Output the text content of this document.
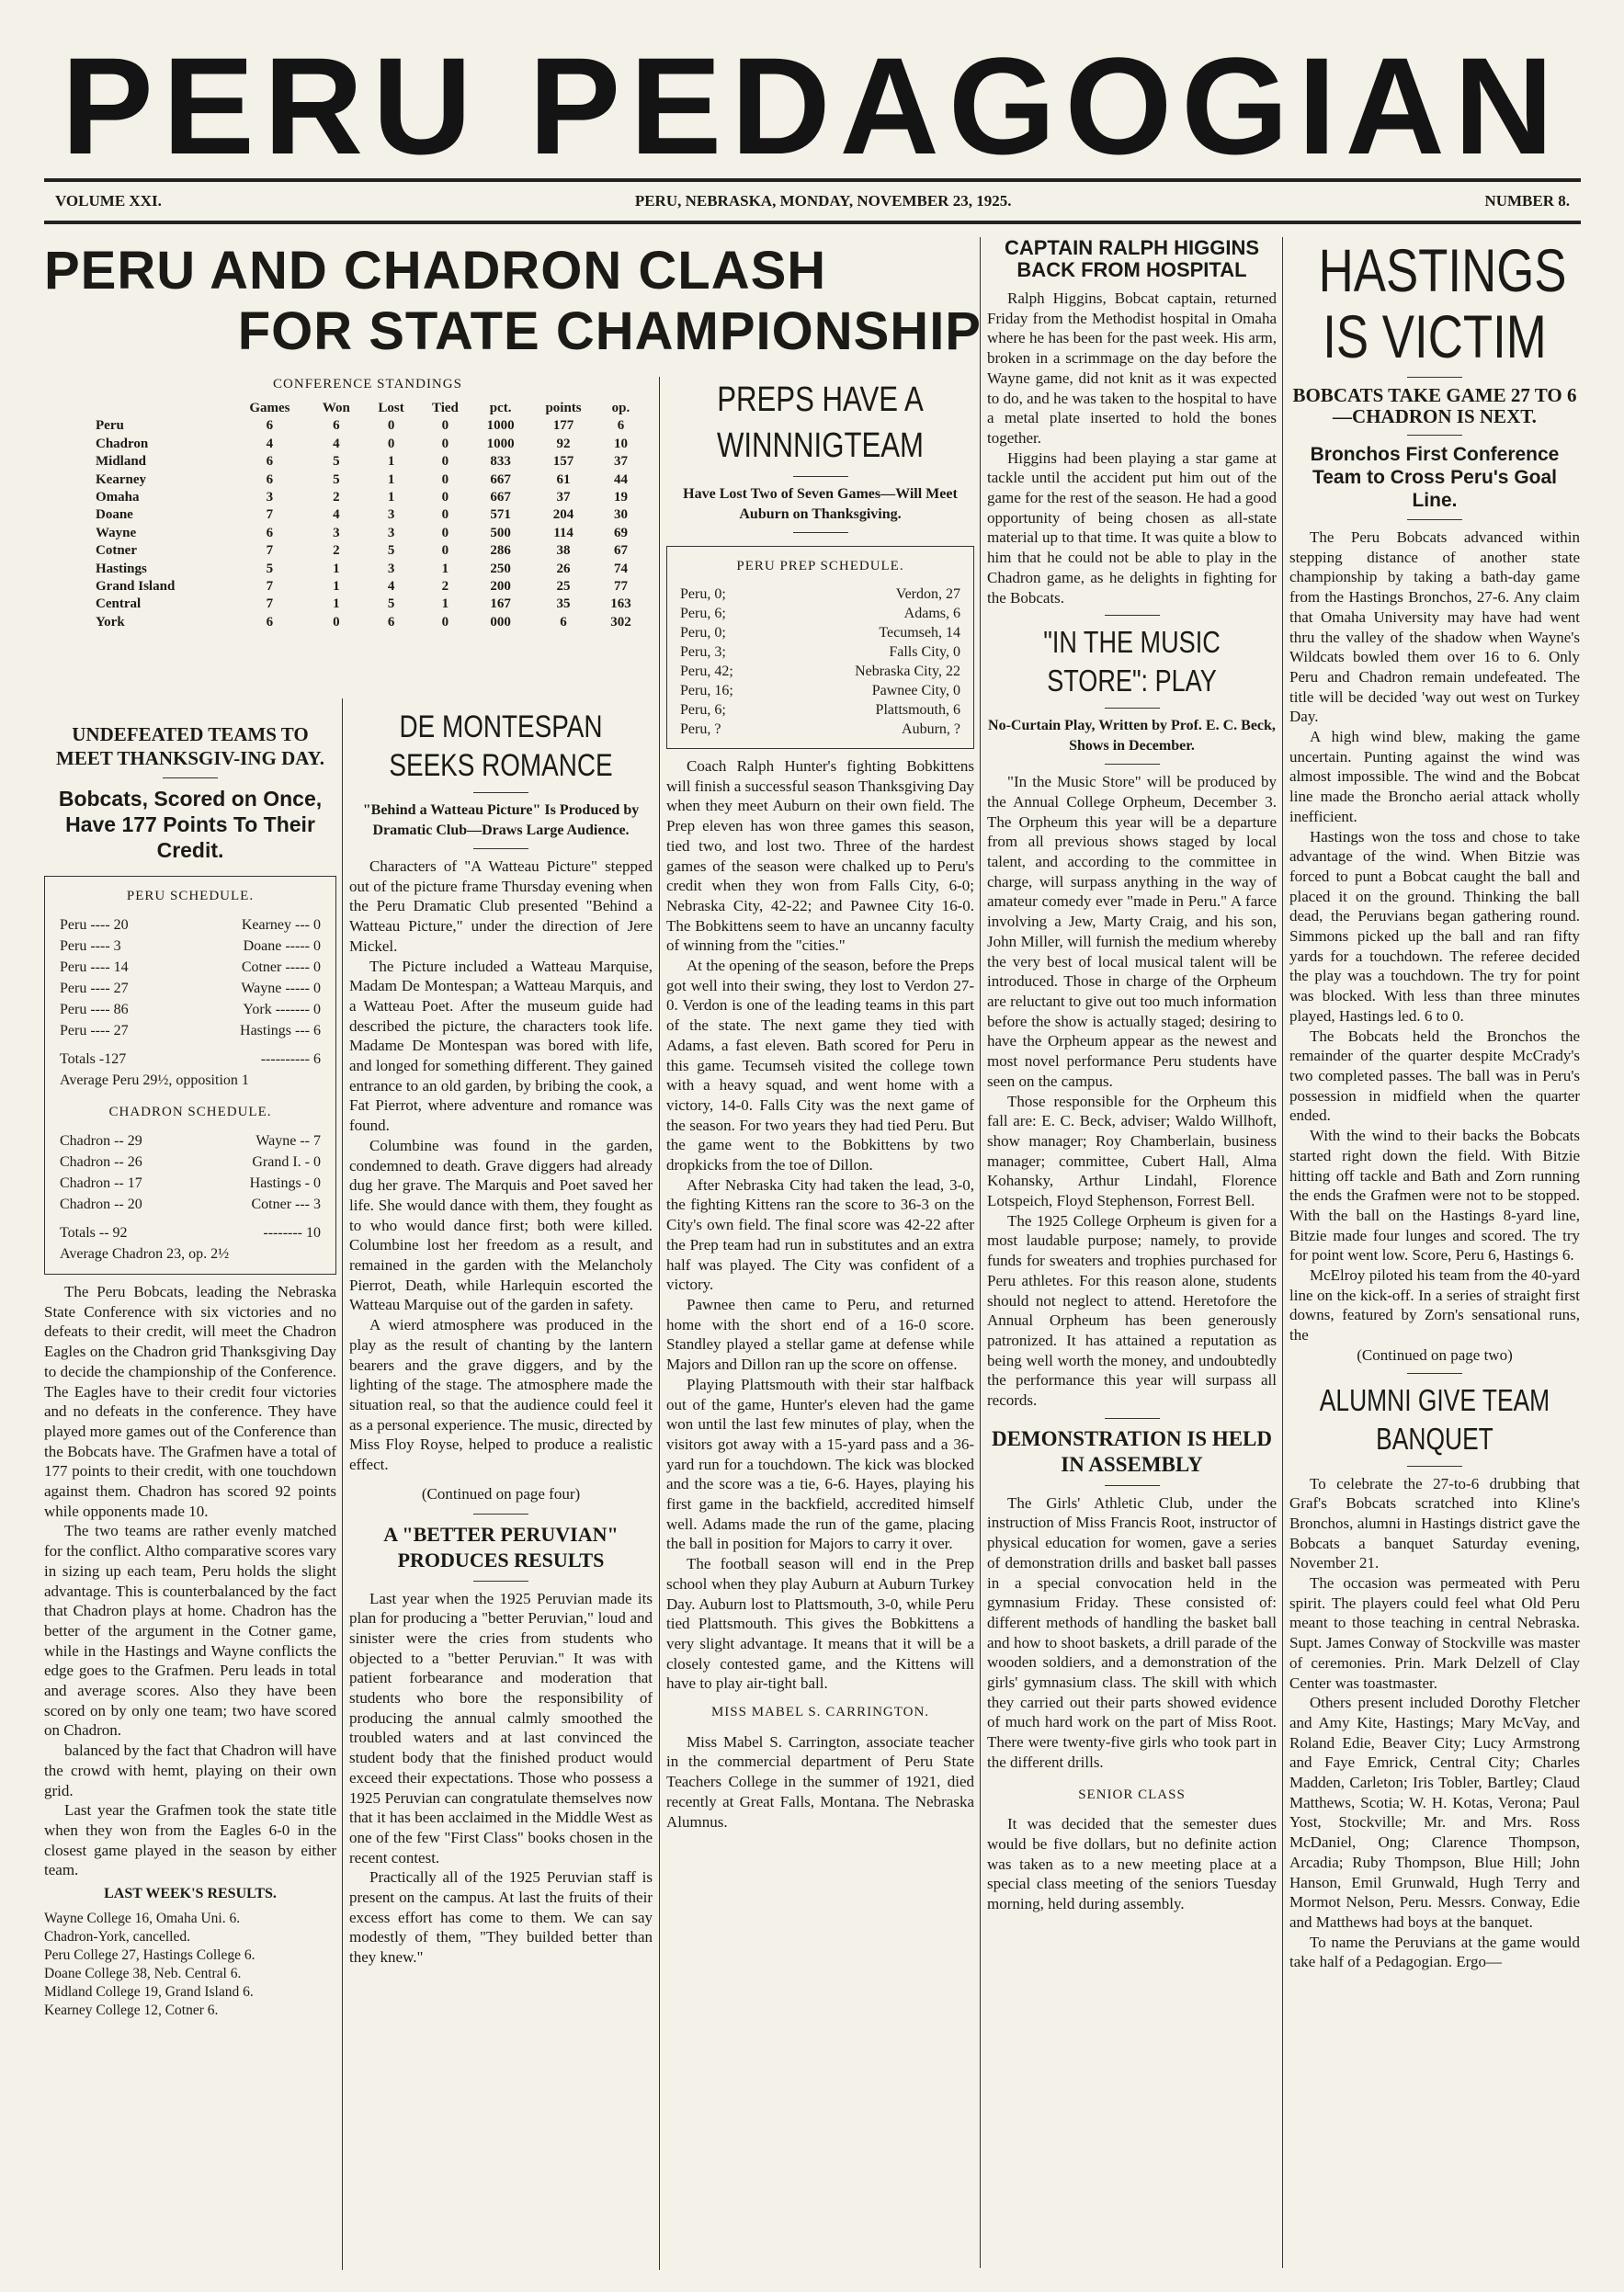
PERU PEDAGOGIAN
VOLUME XXI.	PERU, NEBRASKA, MONDAY, NOVEMBER 23, 1925.	NUMBER 8.
PERU AND CHADRON CLASH
FOR STATE CHAMPIONSHIP
CONFERENCE STANDINGS
	Games	Won	Lost	Tied	pct.	points	op.
Peru	6	6	0	0	1000	177	6
Chadron	4	4	0	0	1000	92	10
Midland	6	5	1	0	833	157	37
Kearney	6	5	1	0	667	61	44
Omaha	3	2	1	0	667	37	19
Doane	7	4	3	0	571	204	30
Wayne	6	3	3	0	500	114	69
Cotner	7	2	5	0	286	38	67
Hastings	5	1	3	1	250	26	74
Grand Island	7	1	4	2	200	25	77
Central	7	1	5	1	167	35	163
York	6	0	6	0	000	6	302
UNDEFEATED TEAMS TO MEET THANKSGIV-ING DAY.
Bobcats, Scored on Once, Have 177 Points To Their Credit.
PERU SCHEDULE.
Peru ---- 20	Kearney --- 0
Peru ---- 3	Doane ----- 0
Peru ---- 14	Cotner ----- 0
Peru ---- 27	Wayne ----- 0
Peru ---- 86	York ------- 0
Peru ---- 27	Hastings --- 6
Totals -127	---------- 6
Average Peru 29½, opposition 1
CHADRON SCHEDULE.
Chadron -- 29	Wayne -- 7
Chadron -- 26	Grand I. - 0
Chadron -- 17	Hastings - 0
Chadron -- 20	Cotner --- 3
Totals -- 92	-------- 10
Average Chadron 23, op. 2½

The Peru Bobcats, leading the Nebraska State Conference with six victories and no defeats to their credit, will meet the Chadron Eagles on the Chadron grid Thanksgiving Day to decide the championship of the Conference. The Eagles have to their credit four victories and no defeats in the conference. They have played more games out of the Conference than the Bobcats have. The Grafmen have a total of 177 points to their credit, with one touchdown against them. Chadron has scored 92 points while opponents made 10.

The two teams are rather evenly matched for the conflict. Altho comparative scores vary in sizing up each team, Peru holds the slight advantage. This is counterbalanced by the fact that Chadron plays at home. Chadron has the better of the argument in the Cotner game, while in the Hastings and Wayne conflicts the edge goes to the Grafmen. Peru leads in total and average scores. Also they have been scored on by only one team; two have scored on Chadron.

balanced by the fact that Chadron will have the crowd with hemt, playing on their own grid.

Last year the Grafmen took the state title when they won from the Eagles 6-0 in the closest game played in the season by either team.

LAST WEEK'S RESULTS.
Wayne College 16, Omaha Uni. 6.
Chadron-York, cancelled.
Peru College 27, Hastings College 6.
Doane College 38, Neb. Central 6.
Midland College 19, Grand Island 6.
Kearney College 12, Cotner 6.
DE MONTESPAN SEEKS ROMANCE
"Behind a Watteau Picture" Is Produced by Dramatic Club—Draws Large Audience.

Characters of "A Watteau Picture" stepped out of the picture frame Thursday evening when the Peru Dramatic Club presented "Behind a Watteau Picture," under the direction of Jere Mickel.

The Picture included a Watteau Marquise, Madam De Montespan; a Watteau Marquis, and a Watteau Poet. After the museum guide had described the picture, the characters took life. Madame De Montespan was bored with life, and longed for something different. They gained entrance to an old garden, by bribing the cook, a Fat Pierrot, where adventure and romance was found.

Columbine was found in the garden, condemned to death. Grave diggers had already dug her grave. The Marquis and Poet saved her life. She would dance with them, they fought as to who would dance first; both were killed. Columbine lost her freedom as a result, and remained in the garden with the Melancholy Pierrot, Death, while Harlequin escorted the Watteau Marquise out of the garden in safety.

A wierd atmosphere was produced in the play as the result of chanting by the lantern bearers and the grave diggers, and by the lighting of the stage. The atmosphere made the situation real, so that the audience could feel it as a personal experience. The music, directed by Miss Floy Royse, helped to produce a realistic effect.

(Continued on page four)
A "BETTER PERUVIAN" PRODUCES RESULTS

Last year when the 1925 Peruvian made its plan for producing a "better Peruvian," loud and sinister were the cries from students who objected to a "better Peruvian." It was with patient forbearance and moderation that students who bore the responsibility of producing the annual calmly smoothed the troubled waters and at last convinced the student body that the finished product would exceed their expectations. Those who possess a 1925 Peruvian can congratulate themselves now that it has been acclaimed in the Middle West as one of the few "First Class" books chosen in the recent contest.

Practically all of the 1925 Peruvian staff is present on the campus. At last the fruits of their excess effort has come to them. We can say modestly of them, "They builded better than they knew."

PREPS HAVE A WINNNIGTEAM
Have Lost Two of Seven Games—Will Meet Auburn on Thanksgiving.
PERU PREP SCHEDULE.
Peru, 0;	Verdon, 27
Peru, 6;	Adams, 6
Peru, 0;	Tecumseh, 14
Peru, 3;	Falls City, 0
Peru, 42;	Nebraska City, 22
Peru, 16;	Pawnee City, 0
Peru, 6;	Plattsmouth, 6
Peru, ?	Auburn, ?

Coach Ralph Hunter's fighting Bobkittens will finish a successful season Thanksgiving Day when they meet Auburn on their own field. The Prep eleven has won three games this season, tied two, and lost two. Three of the hardest games of the season were chalked up to Peru's credit when they won from Falls City, 6-0; Nebraska City, 42-22; and Pawnee City 16-0. The Bobkittens seem to have an uncanny faculty of winning from the "cities."

At the opening of the season, before the Preps got well into their swing, they lost to Verdon 27-0. Verdon is one of the leading teams in this part of the state. The next game they tied with Adams, a fast eleven. Bath scored for Peru in this game. Tecumseh visited the college town with a heavy squad, and went home with a victory, 14-0. Falls City was the next game of the season. For two years they had tied Peru. But the game went to the Bobkittens by two dropkicks from the toe of Dillon.

After Nebraska City had taken the lead, 3-0, the fighting Kittens ran the score to 36-3 on the City's own field. The final score was 42-22 after the Prep team had run in substitutes and an extra half was played. The City was confident of a victory.

Pawnee then came to Peru, and returned home with the short end of a 16-0 score. Standley played a stellar game at defense while Majors and Dillon ran up the score on offense.

Playing Plattsmouth with their star halfback out of the game, Hunter's eleven had the game won until the last few minutes of play, when the visitors got away with a 15-yard pass and a 36-yard run for a touchdown. The kick was blocked and the score was a tie, 6-6. Hayes, playing his first game in the backfield, accredited himself well. Adams made the run of the game, placing the ball in position for Majors to carry it over.

The football season will end in the Prep school when they play Auburn at Auburn Turkey Day. Auburn lost to Plattsmouth, 3-0, while Peru tied Plattsmouth. This gives the Bobkittens a very slight advantage. It means that it will be a closely contested game, and the Kittens will have to play air-tight ball.

MISS MABEL S. CARRINGTON.

Miss Mabel S. Carrington, associate teacher in the commercial department of Peru State Teachers College in the summer of 1921, died recently at Great Falls, Montana. The Nebraska Alumnus.

CAPTAIN RALPH HIGGINS BACK FROM HOSPITAL

Ralph Higgins, Bobcat captain, returned Friday from the Methodist hospital in Omaha where he has been for the past week. His arm, broken in a scrimmage on the day before the Wayne game, did not knit as it was expected to do, and he was taken to the hospital to have a metal plate inserted to hold the bones together.

Higgins had been playing a star game at tackle until the accident put him out of the game for the rest of the season. He had a good opportunity of being chosen as all-state material up to that time. It was quite a blow to him that he could not be able to play in the Chadron game, as he delights in fighting for the Bobcats.

"IN THE MUSIC STORE": PLAY
No-Curtain Play, Written by Prof. E. C. Beck, Shows in December.

"In the Music Store" will be produced by the Annual College Orpheum, December 3. The Orpheum this year will be a departure from all previous shows staged by local talent, and according to the committee in charge, will surpass anything in the way of amateur comedy ever "made in Peru." A farce involving a Jew, Marty Craig, and his son, John Miller, will furnish the medium whereby the very best of local musical talent will be introduced. Those in charge of the Orpheum are reluctant to give out too much information before the show is actually staged; desiring to have the Orpheum appear as the newest and most novel performance Peru students have seen on the campus.

Those responsible for the Orpheum this fall are: E. C. Beck, adviser; Waldo Willhoft, show manager; Roy Chamberlain, business manager; committee, Cubert Hall, Alma Kohansky, Arthur Lindahl, Florence Lotspeich, Floyd Stephenson, Forrest Bell.

The 1925 College Orpheum is given for a most laudable purpose; namely, to provide funds for sweaters and trophies purchased for Peru athletes. For this reason alone, students should not neglect to attend. Heretofore the Annual Orpheum has been generously patronized. It has attained a reputation as being well worth the money, and undoubtedly the performance this year will surpass all records.

DEMONSTRATION IS HELD IN ASSEMBLY

The Girls' Athletic Club, under the instruction of Miss Francis Root, instructor of physical education for women, gave a series of demonstration drills and basket ball passes in a special convocation held in the gymnasium Friday. These consisted of: different methods of handling the basket ball and how to shoot baskets, a drill parade of the wooden soldiers, and a demonstration of the girls' gymnasium class. The skill with which they carried out their parts showed evidence of much hard work on the part of Miss Root. There were twenty-five girls who took part in the different drills.

SENIOR CLASS

It was decided that the semester dues would be five dollars, but no definite action was taken as to a new meeting place at a special class meeting of the seniors Tuesday morning, held during assembly.

HASTINGS IS VICTIM
BOBCATS TAKE GAME 27 TO 6—CHADRON IS NEXT.
Bronchos First Conference Team to Cross Peru's Goal Line.

The Peru Bobcats advanced within stepping distance of another state championship by taking a bath-day game from the Hastings Bronchos, 27-6. Any claim that Omaha University may have had went thru the valley of the shadow when Wayne's Wildcats bowled them over 16 to 6. Only Peru and Chadron remain undefeated. The title will be decided 'way out west on Turkey Day.

A high wind blew, making the game uncertain. Punting against the wind was almost impossible. The wind and the Bobcat line made the Broncho aerial attack wholly inefficient.

Hastings won the toss and chose to take advantage of the wind. When Bitzie was forced to punt a Bobcat caught the ball and placed it on the ground. Thinking the ball dead, the Peruvians began gathering round. Simmons picked up the ball and ran fifty yards for a touchdown. The referee decided the play was a touchdown. The try for point was blocked. With less than three minutes played, Hastings led. 6 to 0.

The Bobcats held the Bronchos the remainder of the quarter despite McCrady's two completed passes. The ball was in Peru's possession in midfield when the quarter ended.

With the wind to their backs the Bobcats started right down the field. With Bitzie hitting off tackle and Bath and Zorn running the ends the Grafmen were not to be stopped. With the ball on the Hastings 8-yard line, Bitzie made four lunges and scored. The try for point went low. Score, Peru 6, Hastings 6.

McElroy piloted his team from the 40-yard line on the kick-off. In a series of straight first downs, featured by Zorn's sensational runs, the

(Continued on page two)
ALUMNI GIVE TEAM BANQUET

To celebrate the 27-to-6 drubbing that Graf's Bobcats scratched into Kline's Bronchos, alumni in Hastings district gave the Bobcats a banquet Saturday evening, November 21.

The occasion was permeated with Peru spirit. The players could feel what Old Peru meant to those teaching in central Nebraska. Supt. James Conway of Stockville was master of ceremonies. Prin. Mark Delzell of Clay Center was toastmaster.

Others present included Dorothy Fletcher and Amy Kite, Hastings; Mary McVay, and Roland Edie, Beaver City; Lucy Armstrong and Faye Emrick, Central City; Charles Madden, Carleton; Iris Tobler, Bartley; Claud Matthews, Scotia; W. H. Kotas, Verona; Paul Yost, Stockville; Mr. and Mrs. Ross McDaniel, Ong; Clarence Thompson, Arcadia; Ruby Thompson, Blue Hill; John Hanson, Emil Grunwald, Hugh Terry and Mormot Nelson, Peru. Messrs. Conway, Edie and Matthews had boys at the banquet.

To name the Peruvians at the game would take half of a Pedagogian. Ergo—
